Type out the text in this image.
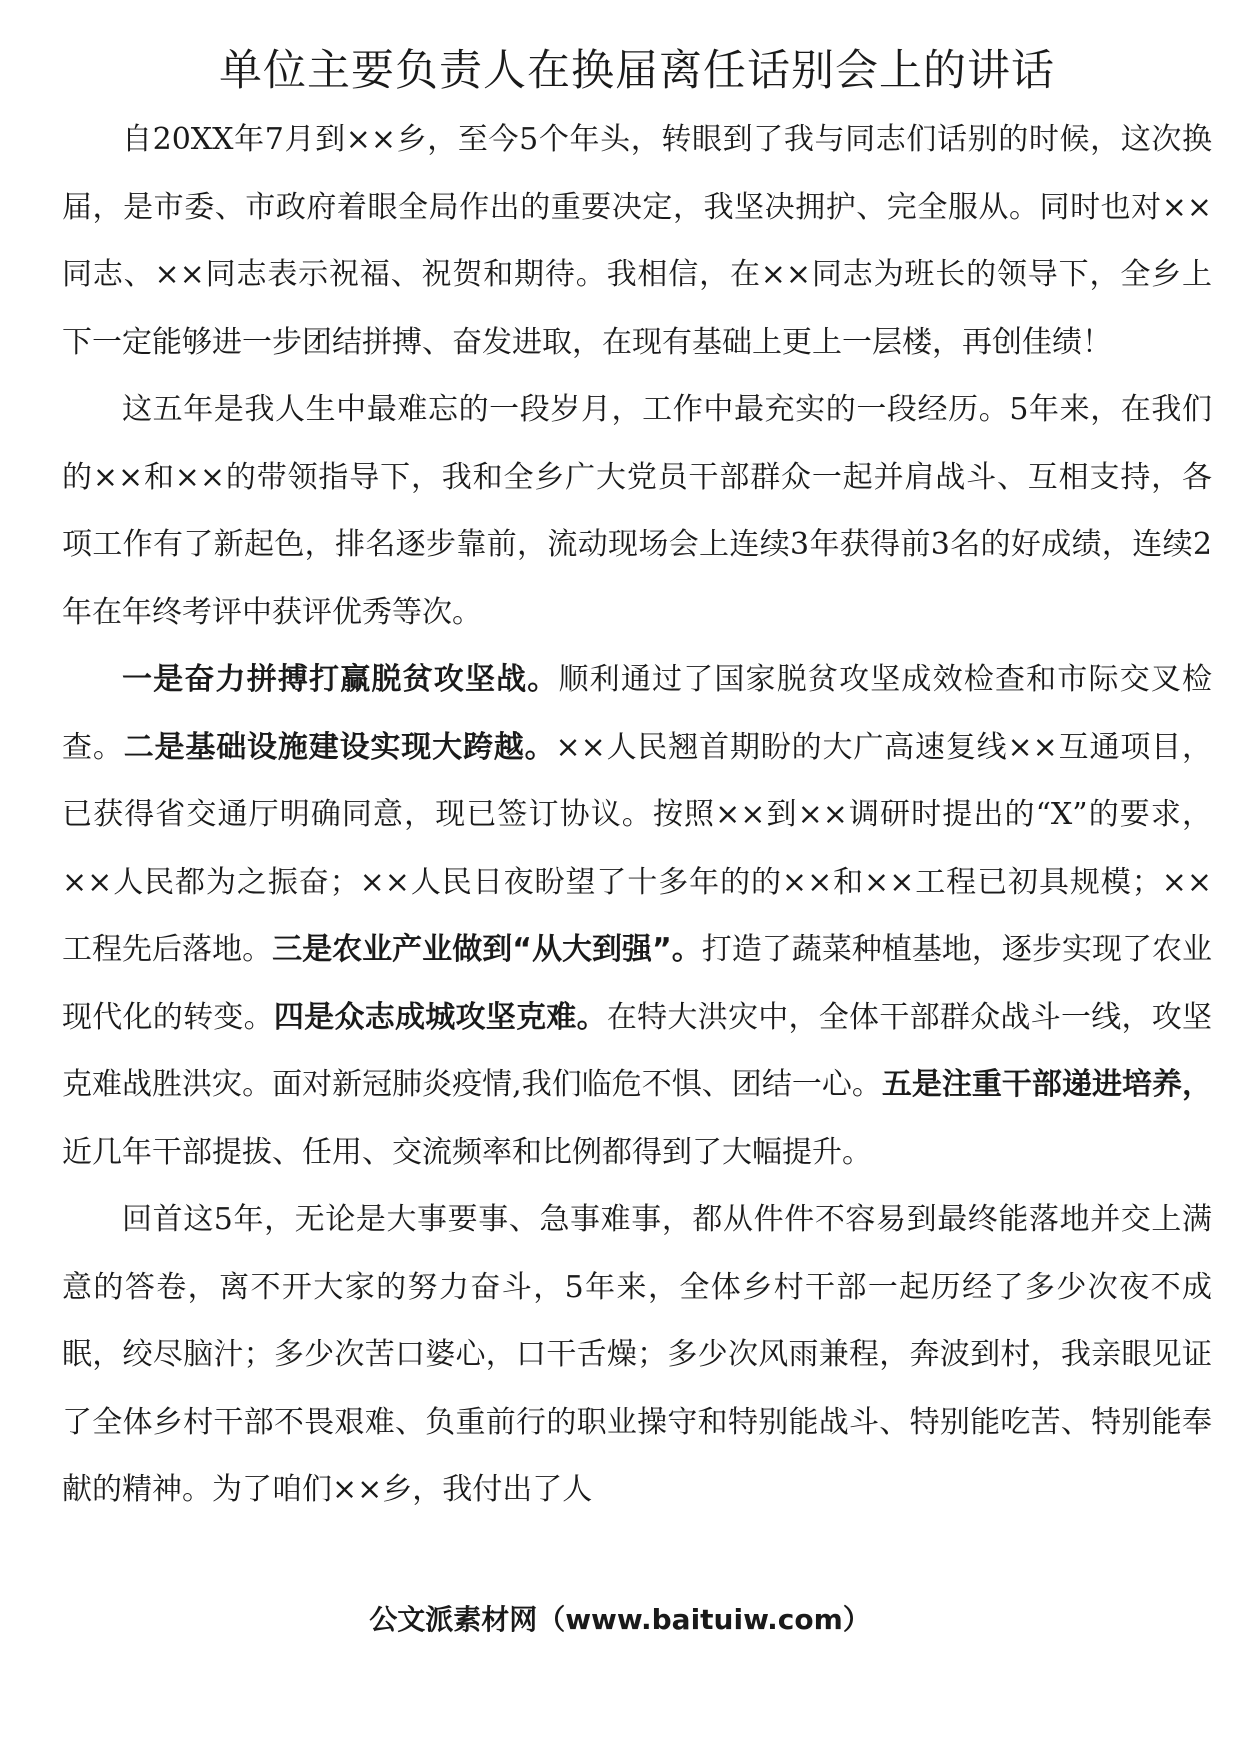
单位主要负责人在换届离任话别会上的讲话

自20XX年7月到××乡，至今5个年头，转眼到了我与同志们话别的时候，这次换届，是市委、市政府着眼全局作出的重要决定，我坚决拥护、完全服从。同时也对××同志、××同志表示祝福、祝贺和期待。我相信，在××同志为班长的领导下，全乡上下一定能够进一步团结拼搏、奋发进取，在现有基础上更上一层楼，再创佳绩！

这五年是我人生中最难忘的一段岁月，工作中最充实的一段经历。5年来，在我们的××和××的带领指导下，我和全乡广大党员干部群众一起并肩战斗、互相支持，各项工作有了新起色，排名逐步靠前，流动现场会上连续3年获得前3名的好成绩，连续2年在年终考评中获评优秀等次。

一是奋力拼搏打赢脱贫攻坚战。顺利通过了国家脱贫攻坚成效检查和市际交叉检查。二是基础设施建设实现大跨越。××人民翘首期盼的大广高速复线××互通项目，已获得省交通厅明确同意，现已签订协议。按照××到××调研时提出的“X”的要求，××人民都为之振奋；××人民日夜盼望了十多年的的××和××工程已初具规模；××工程先后落地。三是农业产业做到“从大到强”。打造了蔬菜种植基地，逐步实现了农业现代化的转变。四是众志成城攻坚克难。在特大洪灾中，全体干部群众战斗一线，攻坚克难战胜洪灾。面对新冠肺炎疫情,我们临危不惧、团结一心。五是注重干部递进培养，近几年干部提拔、任用、交流频率和比例都得到了大幅提升。

回首这5年，无论是大事要事、急事难事，都从件件不容易到最终能落地并交上满意的答卷，离不开大家的努力奋斗，5年来，全体乡村干部一起历经了多少次夜不成眠，绞尽脑汁；多少次苦口婆心，口干舌燥；多少次风雨兼程，奔波到村，我亲眼见证了全体乡村干部不畏艰难、负重前行的职业操守和特别能战斗、特别能吃苦、特别能奉献的精神。为了咱们××乡，我付出了人

公文派素材网（www.baituiw.com）
